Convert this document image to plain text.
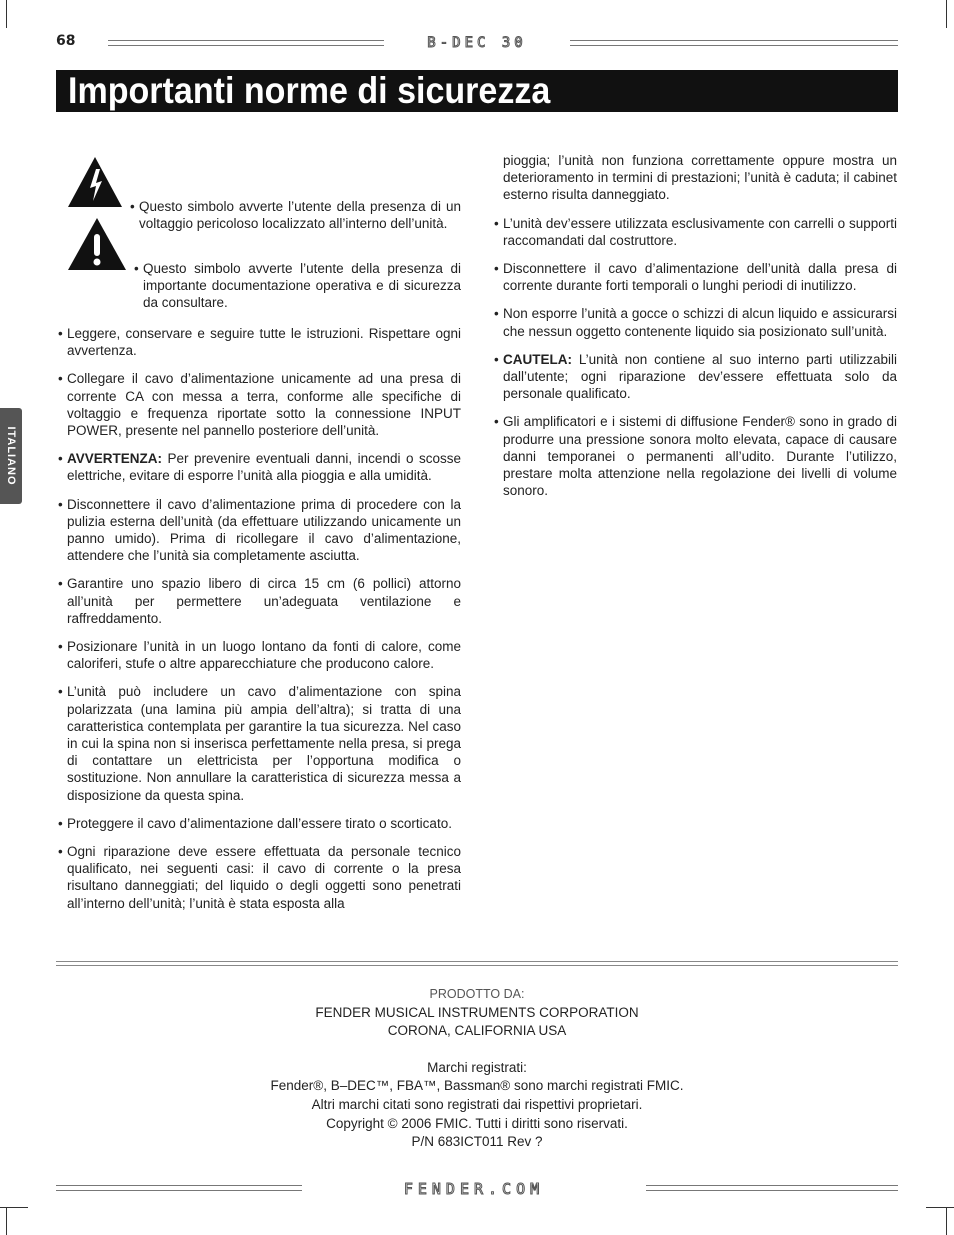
68	B-DEC 30
Importanti norme di sicurezza
ITALIANO
• Questo simbolo avverte l’utente della presenza di un voltaggio pericoloso localizzato all’interno dell’unità.
• Questo simbolo avverte l’utente della presenza di importante documentazione operativa e di sicurezza da consultare.
• Leggere, conservare e seguire tutte le istruzioni. Rispettare ogni avvertenza.
• Collegare il cavo d’alimentazione unicamente ad una presa di corrente CA con messa a terra, conforme alle specifiche di voltaggio e frequenza riportate sotto la connessione INPUT POWER, presente nel pannello posteriore dell’unità.
• AVVERTENZA: Per prevenire eventuali danni, incendi o scosse elettriche, evitare di esporre l’unità alla pioggia e alla umidità.
• Disconnettere il cavo d’alimentazione prima di procedere con la pulizia esterna dell’unità (da effettuare utilizzando unicamente un panno umido). Prima di ricollegare il cavo d’alimentazione, attendere che l’unità sia completamente asciutta.
• Garantire uno spazio libero di circa 15 cm (6 pollici) attorno all’unità per permettere un’adeguata ventilazione e raffreddamento.
• Posizionare l’unità in un luogo lontano da fonti di calore, come caloriferi, stufe o altre apparecchiature che producono calore.
• L’unità può includere un cavo d’alimentazione con spina polarizzata (una lamina più ampia dell’altra); si tratta di una caratteristica contemplata per garantire la tua sicurezza. Nel caso in cui la spina non si inserisca perfettamente nella presa, si prega di contattare un elettricista per l’opportuna modifica o sostituzione. Non annullare la caratteristica di sicurezza messa a disposizione da questa spina.
• Proteggere il cavo d’alimentazione dall’essere tirato o scorticato.
• Ogni riparazione deve essere effettuata da personale tecnico qualificato, nei seguenti casi: il cavo di corrente o la presa risultano danneggiati; del liquido o degli oggetti sono penetrati all’interno dell’unità; l’unità è stata esposta alla
pioggia; l’unità non funziona correttamente oppure mostra un deterioramento in termini di prestazioni; l’unità è caduta; il cabinet esterno risulta danneggiato.
• L’unità dev’essere utilizzata esclusivamente con carrelli o supporti raccomandati dal costruttore.
• Disconnettere il cavo d’alimentazione dell’unità dalla presa di corrente durante forti temporali o lunghi periodi di inutilizzo.
• Non esporre l’unità a gocce o schizzi di alcun liquido e assicurarsi che nessun oggetto contenente liquido sia posizionato sull’unità.
• CAUTELA: L’unità non contiene al suo interno parti utilizzabili dall’utente; ogni riparazione dev’essere effettuata solo da personale qualificato.
• Gli amplificatori e i sistemi di diffusione Fender® sono in grado di produrre una pressione sonora molto elevata, capace di causare danni temporanei o permanenti all’udito. Durante l’utilizzo, prestare molta attenzione nella regolazione dei livelli di volume sonoro.
PRODOTTO DA:
FENDER MUSICAL INSTRUMENTS CORPORATION
CORONA, CALIFORNIA USA
Marchi registrati:
Fender®, B–DEC™, FBA™, Bassman® sono marchi registrati FMIC.
Altri marchi citati sono registrati dai rispettivi proprietari.
Copyright © 2006 FMIC. Tutti i diritti sono riservati.
P/N 683ICT011 Rev ?
FENDER.COM
